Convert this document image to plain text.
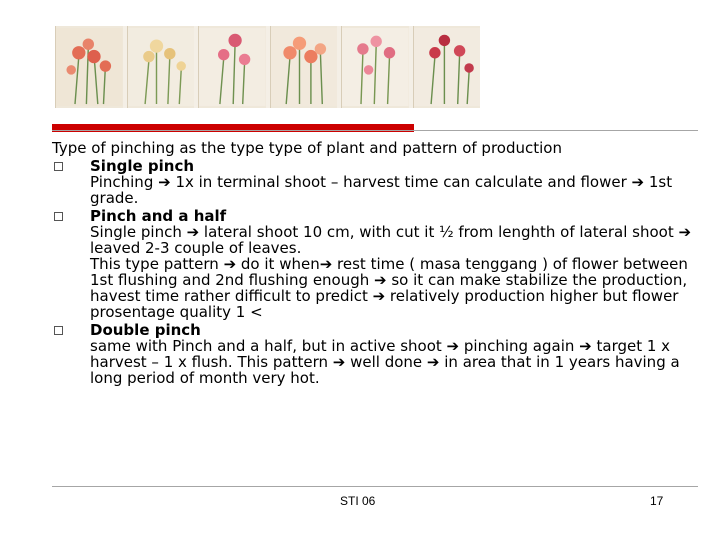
Type of pinching as the type type of plant and pattern of production

Single pinch

Pinching ➔ 1x in terminal shoot – harvest time can calculate and flower ➔ 1st grade.

Pinch and a half

Single pinch ➔ lateral shoot 10 cm, with cut it ½ from lenghth of lateral shoot ➔ leaved 2-3 couple of leaves.

This type pattern ➔ do it when➔ rest time ( masa tenggang ) of flower between 1st flushing and 2nd flushing enough ➔ so it can make stabilize the production, havest time rather difficult to predict ➔ relatively production higher but flower prosentage quality 1 <

Double pinch

same with Pinch and a half, but in active shoot ➔ pinching again ➔ target 1 x harvest – 1 x flush. This pattern ➔ well done ➔ in area that in 1 years having a long period of month very hot.

STI 06	17
